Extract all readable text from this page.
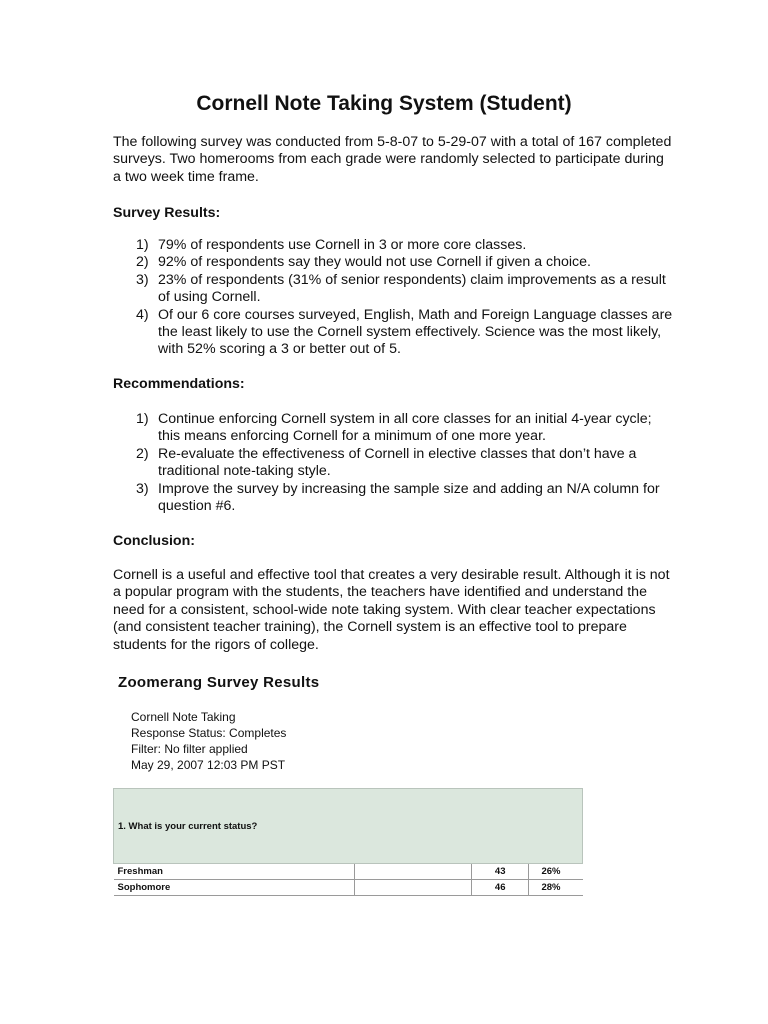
Cornell Note Taking System (Student)
The following survey was conducted from 5-8-07 to 5-29-07 with a total of 167 completed surveys. Two homerooms from each grade were randomly selected to participate during a two week time frame.
Survey Results:
1) 79% of respondents use Cornell in 3 or more core classes.
2) 92% of respondents say they would not use Cornell if given a choice.
3) 23% of respondents (31% of senior respondents) claim improvements as a result of using Cornell.
4) Of our 6 core courses surveyed, English, Math and Foreign Language classes are the least likely to use the Cornell system effectively. Science was the most likely, with 52% scoring a 3 or better out of 5.
Recommendations:
1) Continue enforcing Cornell system in all core classes for an initial 4-year cycle; this means enforcing Cornell for a minimum of one more year.
2) Re-evaluate the effectiveness of Cornell in elective classes that don’t have a traditional note-taking style.
3) Improve the survey by increasing the sample size and adding an N/A column for question #6.
Conclusion:
Cornell is a useful and effective tool that creates a very desirable result. Although it is not a popular program with the students, the teachers have identified and understand the need for a consistent, school-wide note taking system. With clear teacher expectations (and consistent teacher training), the Cornell system is an effective tool to prepare students for the rigors of college.
Zoomerang Survey Results
Cornell Note Taking
Response Status: Completes
Filter: No filter applied
May 29, 2007 12:03 PM PST
1. What is your current status?			
Freshman		43	26%
Sophomore		46	28%
